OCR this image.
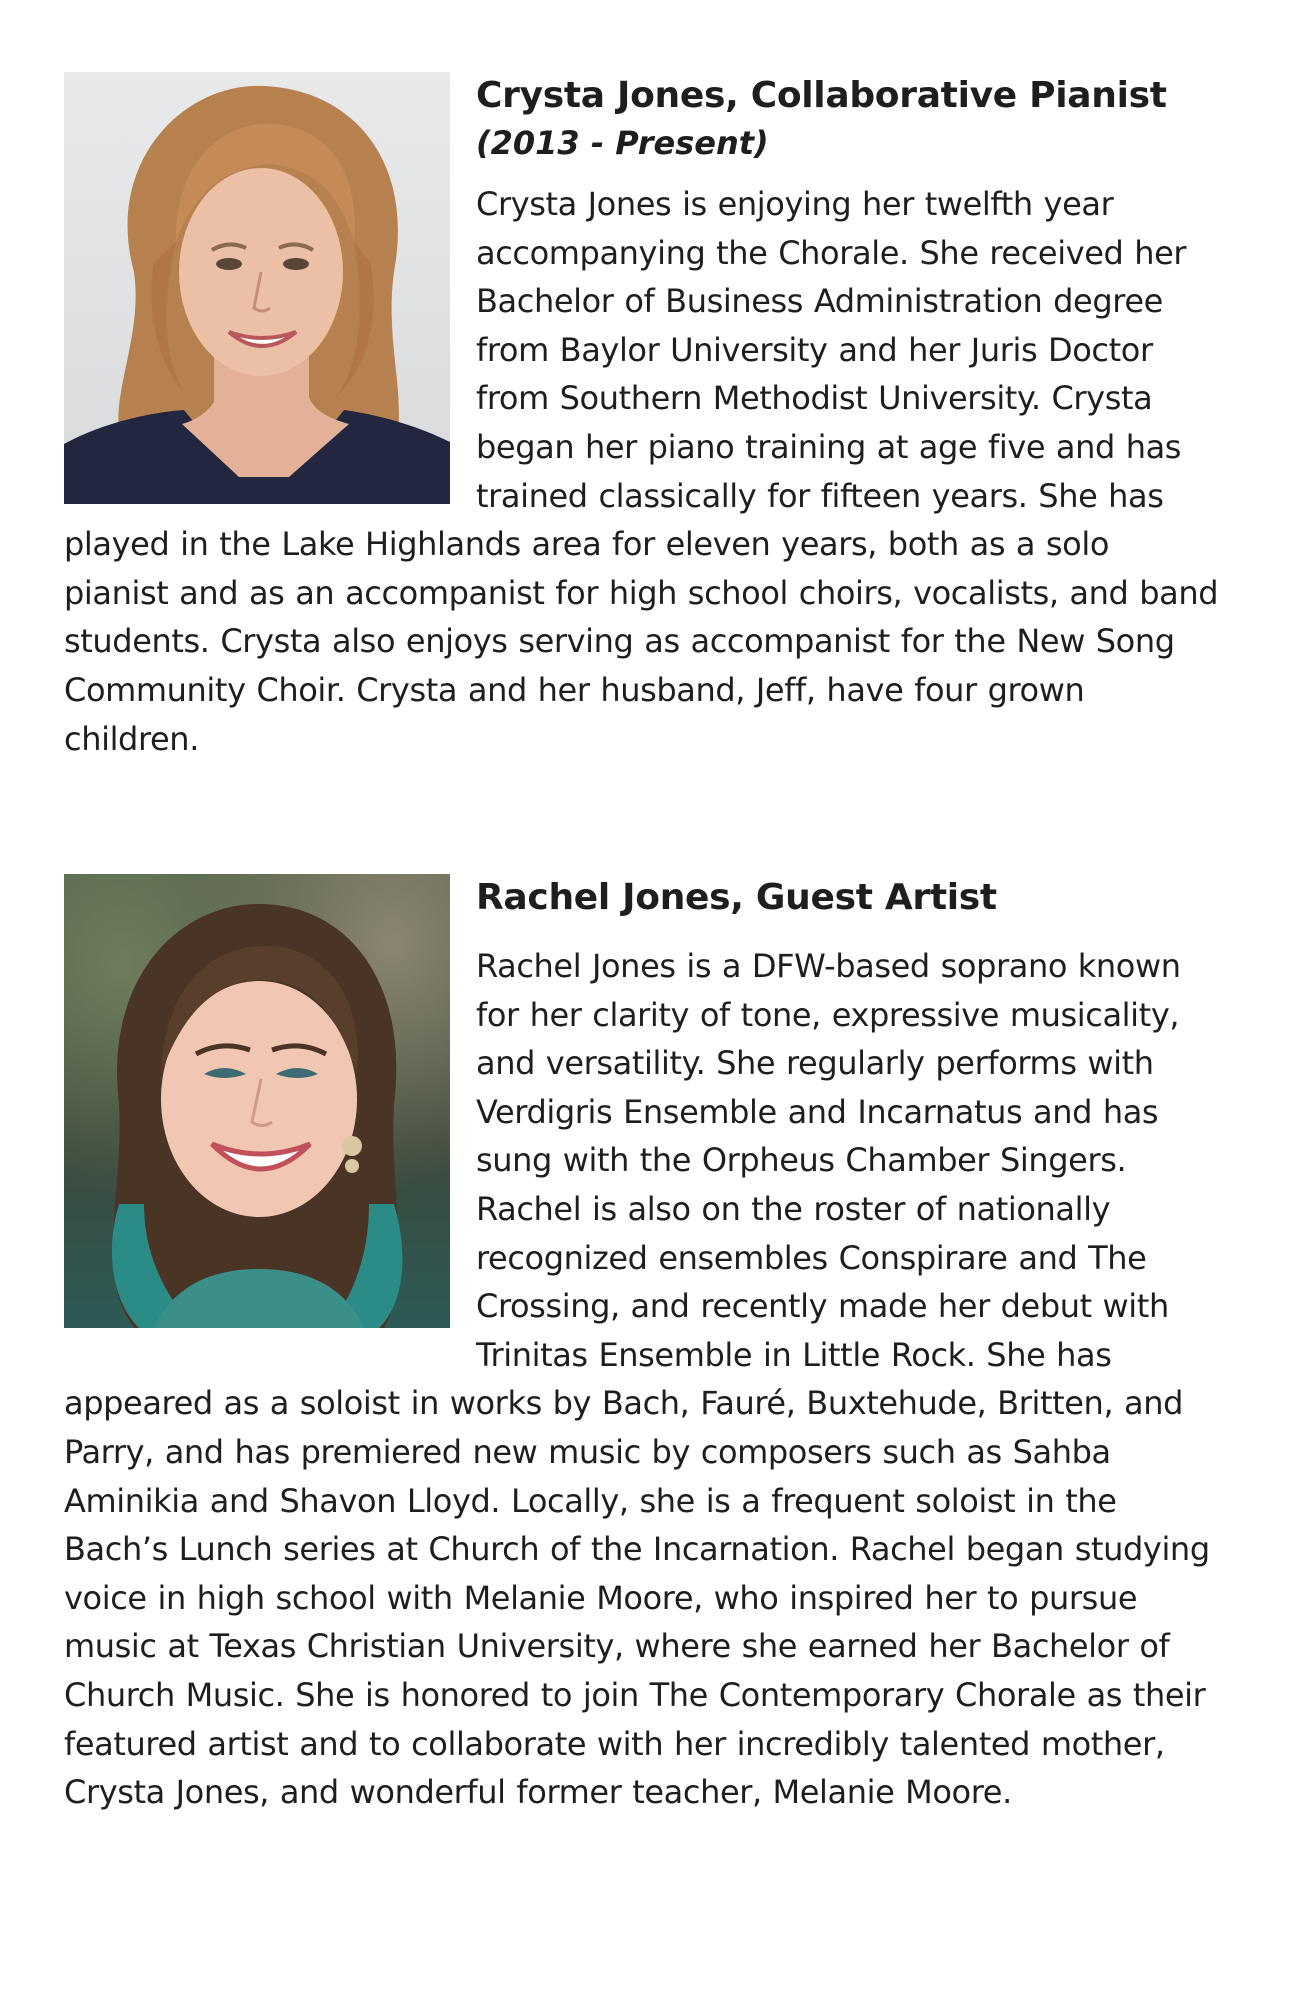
Crysta Jones, Collaborative Pianist
(2013 - Present)

Crysta Jones is enjoying her twelfth year accompanying the Chorale. She received her Bachelor of Business Administration degree from Baylor University and her Juris Doctor from Southern Methodist University. Crysta began her piano training at age five and has trained classically for fifteen years. She has played in the Lake Highlands area for eleven years, both as a solo pianist and as an accompanist for high school choirs, vocalists, and band students. Crysta also enjoys serving as accompanist for the New Song Community Choir. Crysta and her husband, Jeff, have four grown children.

Rachel Jones, Guest Artist

Rachel Jones is a DFW-based soprano known for her clarity of tone, expressive musicality, and versatility. She regularly performs with Verdigris Ensemble and Incarnatus and has sung with the Orpheus Chamber Singers. Rachel is also on the roster of nationally recognized ensembles Conspirare and The Crossing, and recently made her debut with Trinitas Ensemble in Little Rock. She has appeared as a soloist in works by Bach, Fauré, Buxtehude, Britten, and Parry, and has premiered new music by composers such as Sahba Aminikia and Shavon Lloyd. Locally, she is a frequent soloist in the Bach’s Lunch series at Church of the Incarnation. Rachel began studying voice in high school with Melanie Moore, who inspired her to pursue music at Texas Christian University, where she earned her Bachelor of Church Music. She is honored to join The Contemporary Chorale as their featured artist and to collaborate with her incredibly talented mother, Crysta Jones, and wonderful former teacher, Melanie Moore.
